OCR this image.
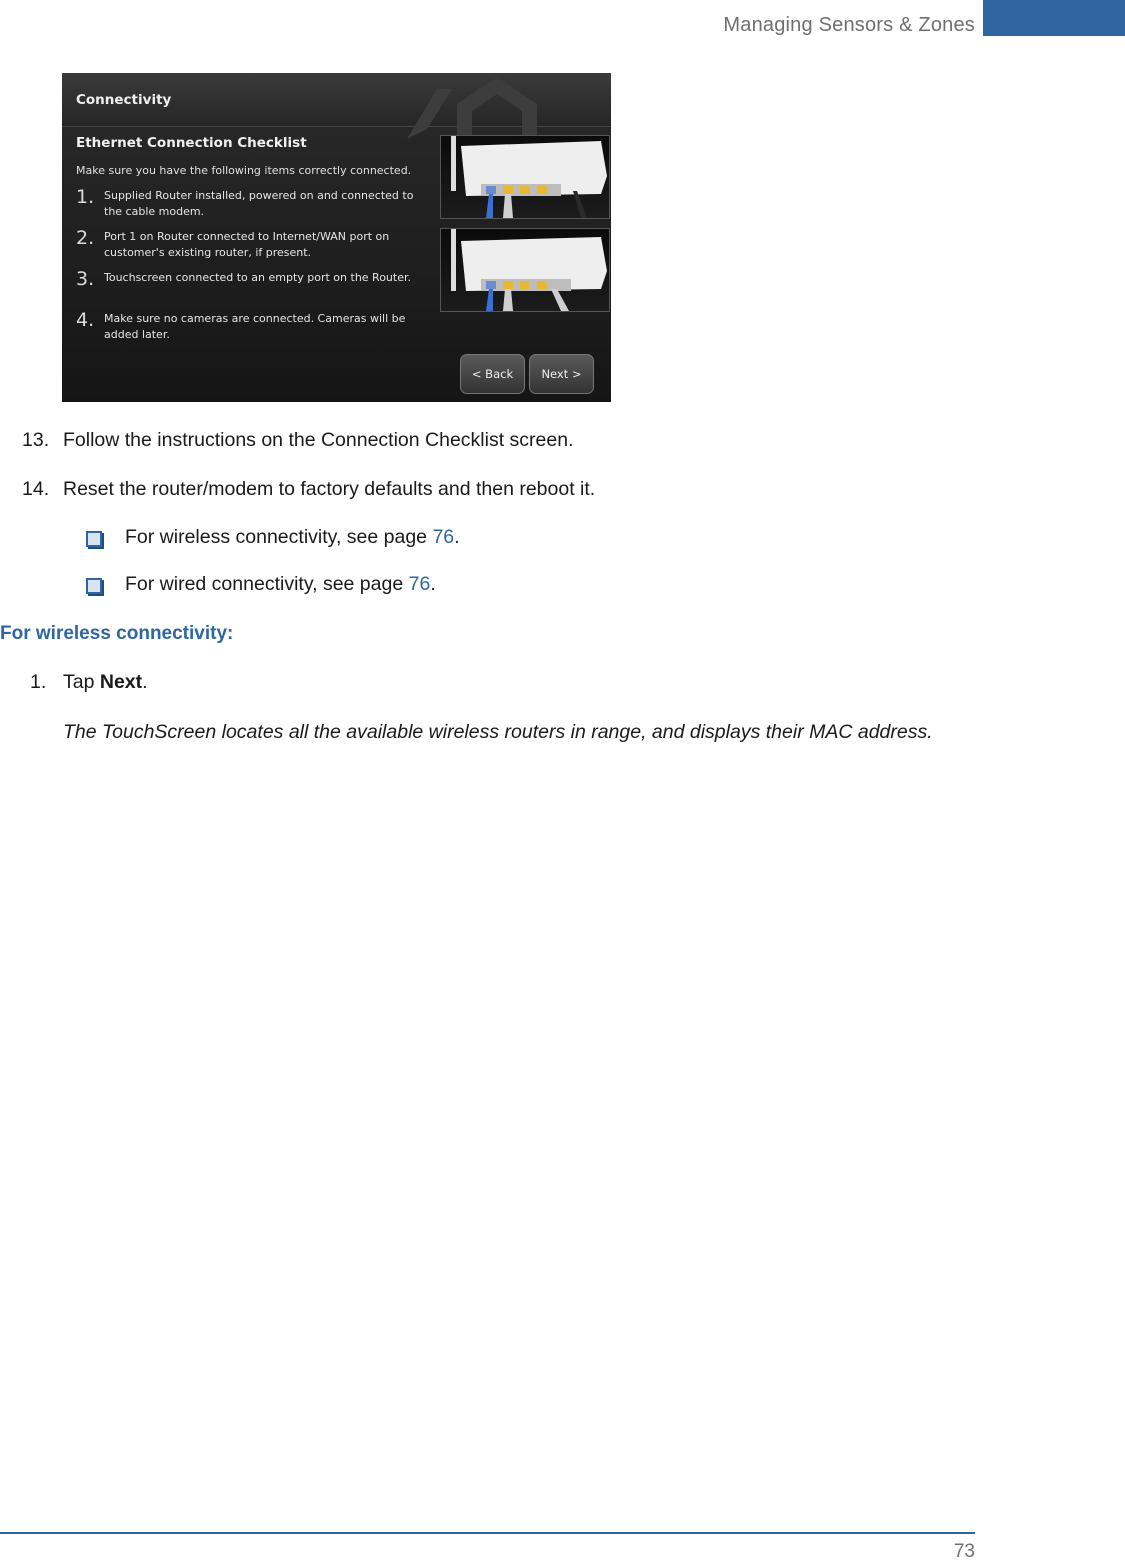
Managing Sensors & Zones
Connectivity
Ethernet Connection Checklist
Make sure you have the following items correctly connected.
1. Supplied Router installed, powered on and connected to the cable modem.
2. Port 1 on Router connected to Internet/WAN port on customer's existing router, if present.
3. Touchscreen connected to an empty port on the Router.
4. Make sure no cameras are connected. Cameras will be added later.
< Back	Next >
13. Follow the instructions on the Connection Checklist screen.
14. Reset the router/modem to factory defaults and then reboot it.
For wireless connectivity, see page 76.
For wired connectivity, see page 76.
For wireless connectivity:
1. Tap Next.
The TouchScreen locates all the available wireless routers in range, and displays their MAC address.
73
